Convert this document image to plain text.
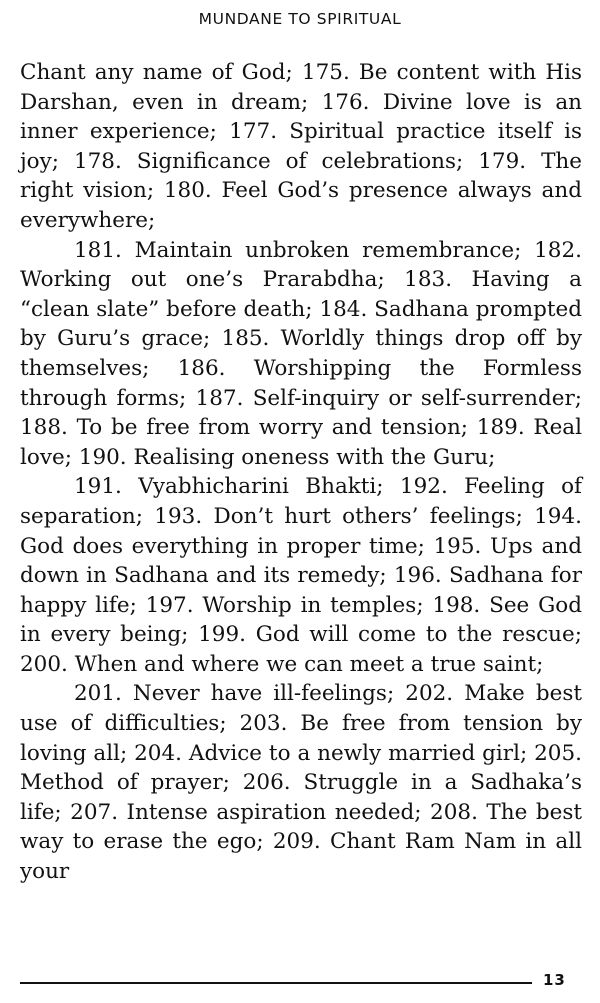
MUNDANE TO SPIRITUAL

Chant any name of God; 175. Be content with His Darshan, even in dream; 176. Divine love is an inner experience; 177. Spiritual practice itself is joy; 178. Significance of celebrations; 179. The right vision; 180. Feel God’s presence always and everywhere;

181. Maintain unbroken remembrance; 182. Working out one’s Prarabdha; 183. Having a “clean slate” before death; 184. Sadhana prompted by Guru’s grace; 185. Worldly things drop off by themselves; 186. Worshipping the Formless through forms; 187. Self-inquiry or self-surrender; 188. To be free from worry and tension; 189. Real love; 190. Realising oneness with the Guru;

191. Vyabhicharini Bhakti; 192. Feeling of separation; 193. Don’t hurt others’ feelings; 194. God does everything in proper time; 195. Ups and down in Sadhana and its remedy; 196. Sadhana for happy life; 197. Worship in temples; 198. See God in every being; 199. God will come to the rescue; 200. When and where we can meet a true saint;

201. Never have ill-feelings; 202. Make best use of difficulties; 203. Be free from tension by loving all; 204. Advice to a newly married girl; 205. Method of prayer; 206. Struggle in a Sadhaka’s life; 207. Intense aspiration needed; 208. The best way to erase the ego; 209. Chant Ram Nam in all your

13
